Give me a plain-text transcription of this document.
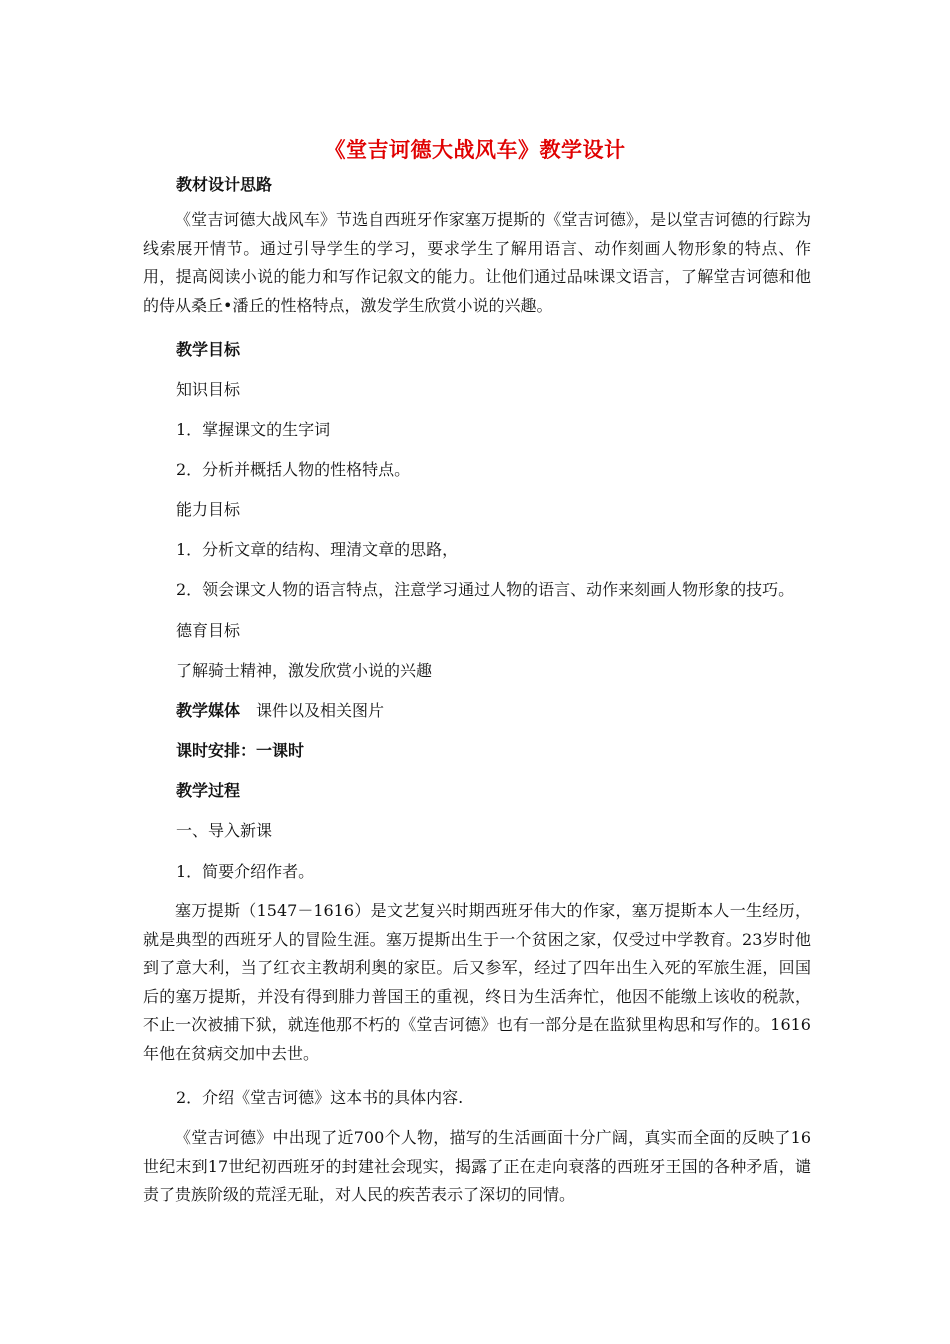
《堂吉诃德大战风车》教学设计
教材设计思路
《堂吉诃德大战风车》节选自西班牙作家塞万提斯的《堂吉诃德》，是以堂吉诃德的行踪为线索展开情节。通过引导学生的学习，要求学生了解用语言、动作刻画人物形象的特点、作用，提高阅读小说的能力和写作记叙文的能力。让他们通过品味课文语言，了解堂吉诃德和他的侍从桑丘•潘丘的性格特点，激发学生欣赏小说的兴趣。
教学目标
知识目标
1．掌握课文的生字词
2．分析并概括人物的性格特点。
能力目标
1．分析文章的结构、理清文章的思路，
2．领会课文人物的语言特点，注意学习通过人物的语言、动作来刻画人物形象的技巧。
德育目标
了解骑士精神，激发欣赏小说的兴趣
教学媒体 课件以及相关图片
课时安排：一课时
教学过程
一、导入新课
1．简要介绍作者。
塞万提斯（1547－1616）是文艺复兴时期西班牙伟大的作家，塞万提斯本人一生经历，就是典型的西班牙人的冒险生涯。塞万提斯出生于一个贫困之家，仅受过中学教育。23岁时他到了意大利，当了红衣主教胡利奥的家臣。后又参军，经过了四年出生入死的军旅生涯，回国后的塞万提斯，并没有得到腓力普国王的重视，终日为生活奔忙，他因不能缴上该收的税款，不止一次被捕下狱，就连他那不朽的《堂吉诃德》也有一部分是在监狱里构思和写作的。1616年他在贫病交加中去世。
2．介绍《堂吉诃德》这本书的具体内容.
《堂吉诃德》中出现了近700个人物，描写的生活画面十分广阔，真实而全面的反映了16世纪末到17世纪初西班牙的封建社会现实，揭露了正在走向衰落的西班牙王国的各种矛盾，谴责了贵族阶级的荒淫无耻，对人民的疾苦表示了深切的同情。
